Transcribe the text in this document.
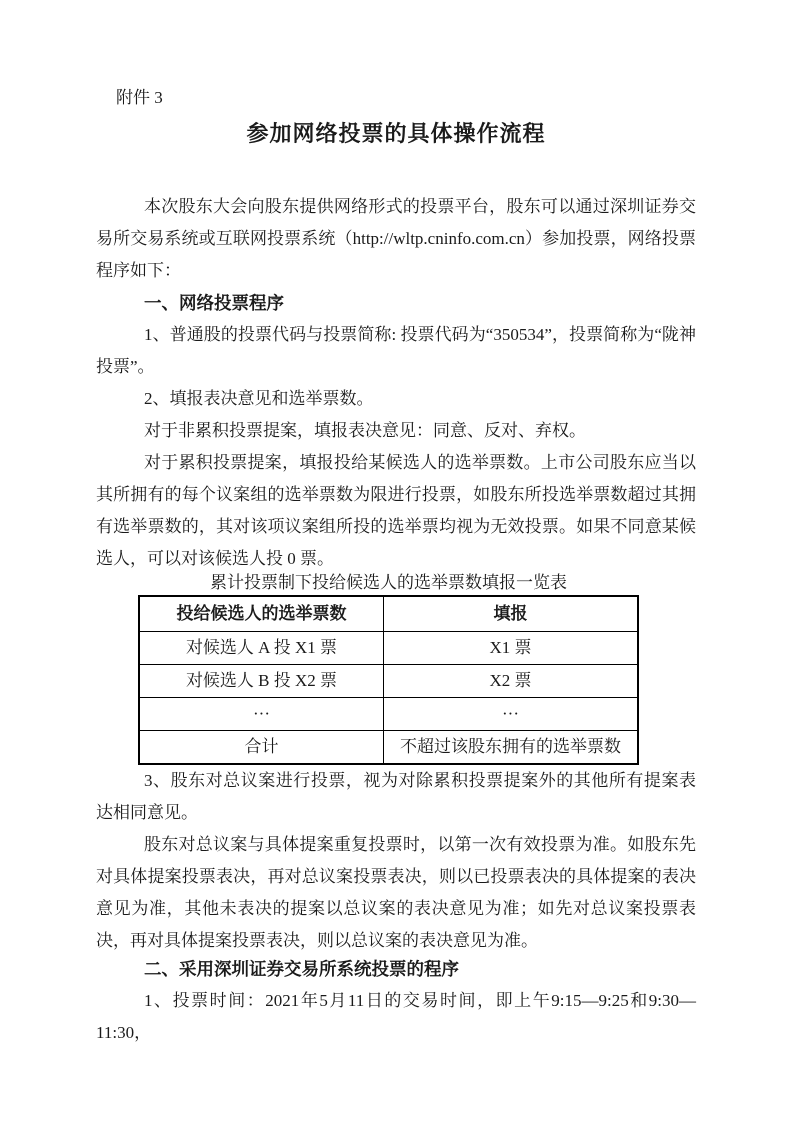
附件 3
参加网络投票的具体操作流程

本次股东大会向股东提供网络形式的投票平台，股东可以通过深圳证券交易所交易系统或互联网投票系统（http://wltp.cninfo.com.cn）参加投票，网络投票程序如下：

一、网络投票程序

1、普通股的投票代码与投票简称: 投票代码为“350534”，投票简称为“陇神投票”。

2、填报表决意见和选举票数。

对于非累积投票提案，填报表决意见：同意、反对、弃权。

对于累积投票提案，填报投给某候选人的选举票数。上市公司股东应当以其所拥有的每个议案组的选举票数为限进行投票，如股东所投选举票数超过其拥有选举票数的，其对该项议案组所投的选举票均视为无效投票。如果不同意某候选人，可以对该候选人投 0 票。

累计投票制下投给候选人的选举票数填报一览表
投给候选人的选举票数	填报
对候选人 A 投 X1 票	X1 票
对候选人 B 投 X2 票	X2 票
···	···
合计	不超过该股东拥有的选举票数

3、股东对总议案进行投票，视为对除累积投票提案外的其他所有提案表达相同意见。

股东对总议案与具体提案重复投票时，以第一次有效投票为准。如股东先对具体提案投票表决，再对总议案投票表决，则以已投票表决的具体提案的表决意见为准，其他未表决的提案以总议案的表决意见为准；如先对总议案投票表决，再对具体提案投票表决，则以总议案的表决意见为准。

二、采用深圳证券交易所系统投票的程序

1、投票时间：2021年5月11日的交易时间，即上午9:15—9:25和9:30—11:30，
